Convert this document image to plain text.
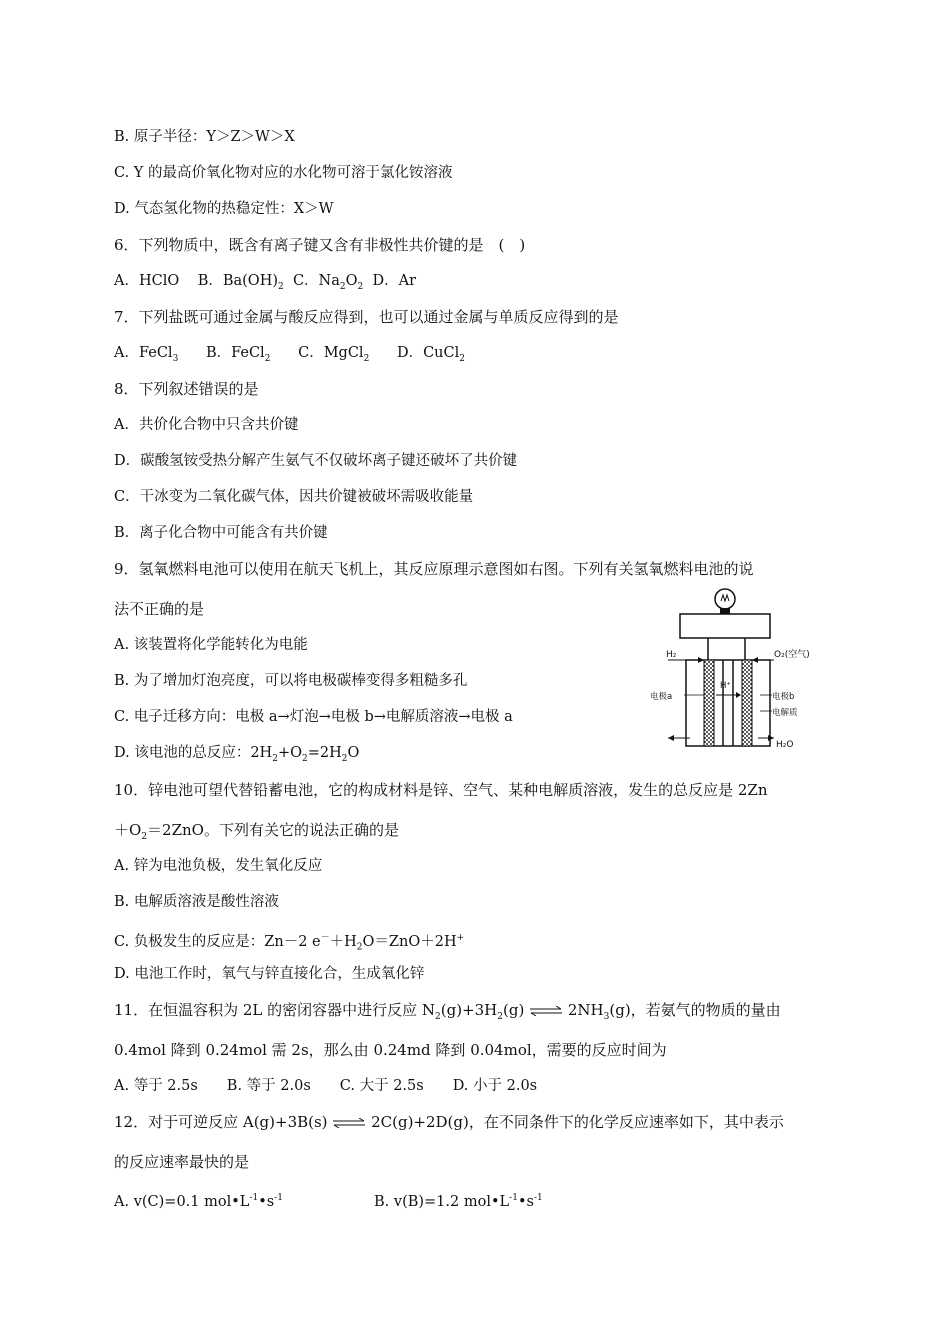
B. 原子半径：Y＞Z＞W＞X
C. Y 的最高价氧化物对应的水化物可溶于氯化铵溶液
D. 气态氢化物的热稳定性：X＞W
6．下列物质中，既含有离子键又含有非极性共价键的是　(　)
A．HClO B．$Ba(OH)_2$ C．$Na_2O_2$ D．Ar
7．下列盐既可通过金属与酸反应得到，也可以通过金属与单质反应得到的是
A．FeCl$_3$ B．FeCl$_2$ C．MgCl$_2$ D．CuCl$_2$
8．下列叙述错误的是
A．共价化合物中只含共价键
D．碳酸氢铵受热分解产生氨气不仅破坏离子键还破坏了共价键
C．干冰变为二氧化碳气体，因共价键被破坏需吸收能量
B．离子化合物中可能含有共价键
9．氢氧燃料电池可以使用在航天飞机上，其反应原理示意图如右图。下列有关氢氧燃料电池的说
法不正确的是
A. 该装置将化学能转化为电能
B. 为了增加灯泡亮度，可以将电极碳棒变得多粗糙多孔
C. 电子迁移方向：电极 a→灯泡→电极 b→电解质溶液→电极 a
D. 该电池的总反应：$2H_2+O_2=2H_2O$
H₂	O₂(空气)
电极a
H⁺
电极b
电解质
H₂O
10．锌电池可望代替铅蓄电池，它的构成材料是锌、空气、某种电解质溶液，发生的总反应是 2Zn
$+O_2=2ZnO$。下列有关它的说法正确的是
A. 锌为电池负极，发生氧化反应
B. 电解质溶液是酸性溶液
C. 负极发生的反应是：Zn－2 $e^-+H_2O=ZnO+2H^+$
D. 电池工作时，氧气与锌直接化合，生成氧化锌
11．在恒温容积为 2L 的密闭容器中进行反应 $N_2(g)+3H_2(g)$ ⇌ $2NH_3(g)$，若氨气的物质的量由
0.4mol 降到 0.24mol 需 2s，那么由 0.24md 降到 0.04mol，需要的反应时间为
A. 等于 2.5s　　B. 等于 2.0s　　C. 大于 2.5s　　D. 小于 2.0s
12．对于可逆反应 A(g)+3B(s) ⇌ 2C(g)+2D(g)，在不同条件下的化学反应速率如下，其中表示
的反应速率最快的是
A. v(C)=0.1 $mol•L^{-1}•s^{-1}$	B. v(B)=1.2 $mol•L^{-1}•s^{-1}$
